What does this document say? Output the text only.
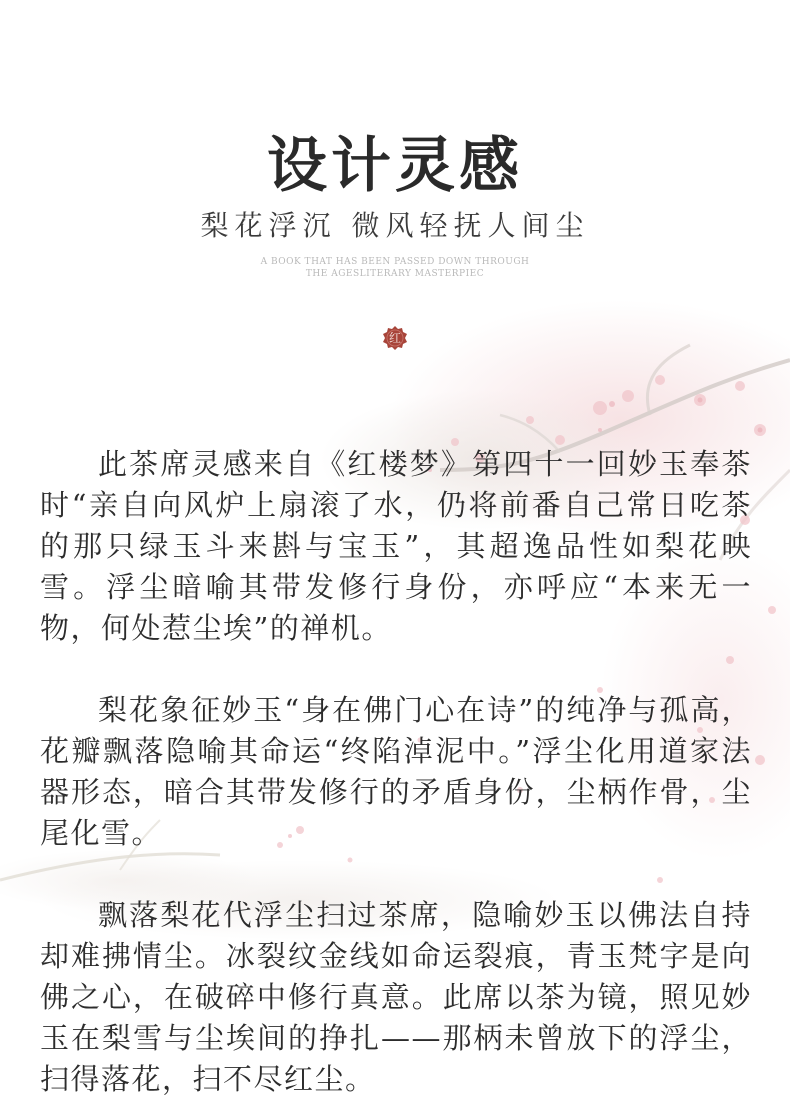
设计灵感
梨花浮沉 微风轻抚人间尘
A BOOK THAT HAS BEEN PASSED DOWN THROUGH
THE AGESLITERARY MASTERPIEC
红

此茶席灵感来自《红楼梦》第四十一回妙玉奉茶时“亲自向风炉上扇滚了水，仍将前番自己常日吃茶的那只绿玉斗来斟与宝玉”，其超逸品性如梨花映雪。浮尘暗喻其带发修行身份，亦呼应“本来无一物，何处惹尘埃”的禅机。

梨花象征妙玉“身在佛门心在诗”的纯净与孤高，花瓣飘落隐喻其命运“终陷淖泥中。”浮尘化用道家法器形态，暗合其带发修行的矛盾身份，尘柄作骨，尘尾化雪。

飘落梨花代浮尘扫过茶席，隐喻妙玉以佛法自持却难拂情尘。冰裂纹金线如命运裂痕，青玉梵字是向佛之心，在破碎中修行真意。此席以茶为镜，照见妙玉在梨雪与尘埃间的挣扎——那柄未曾放下的浮尘，扫得落花，扫不尽红尘。
